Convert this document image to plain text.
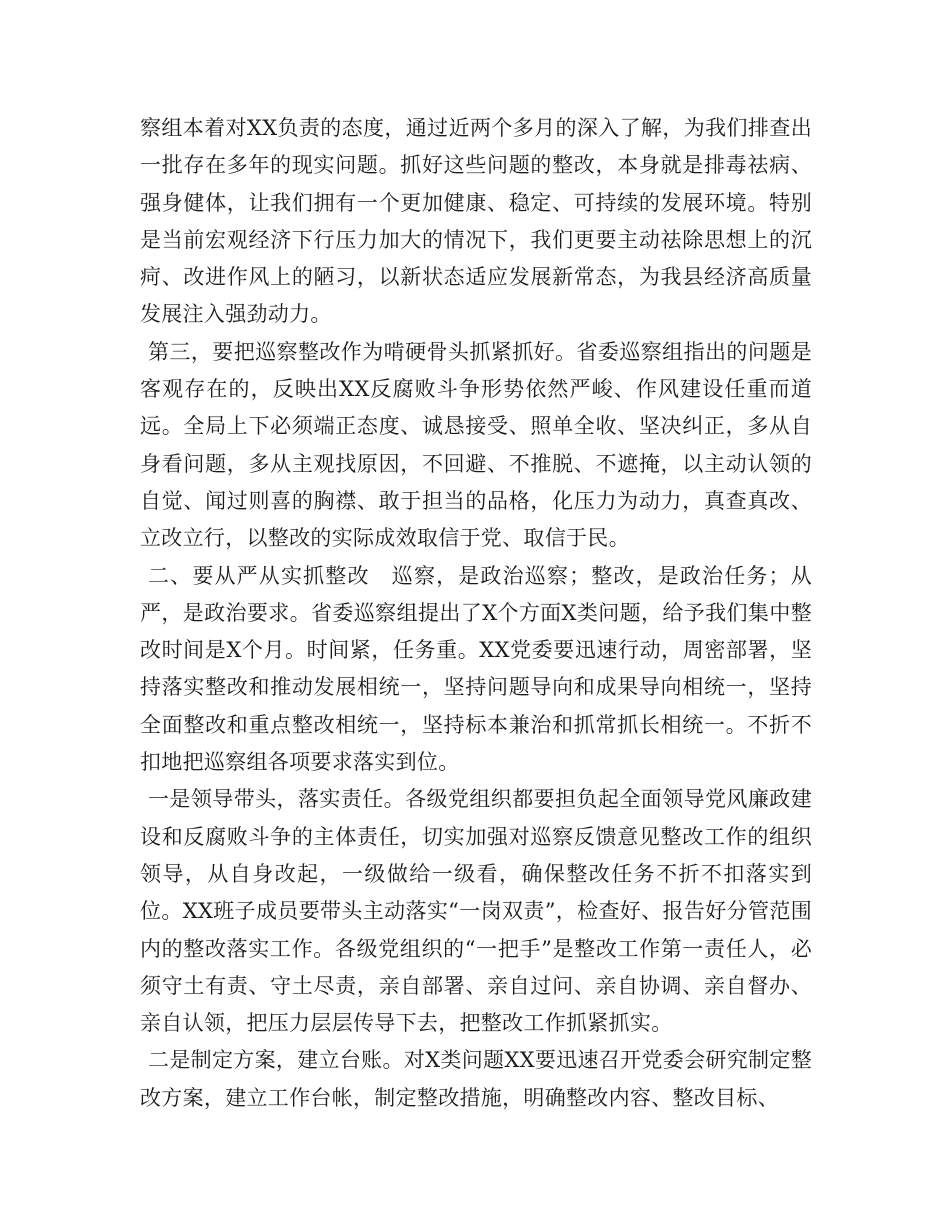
察组本着对XX负责的态度，通过近两个多月的深入了解，为我们排查出一批存在多年的现实问题。抓好这些问题的整改，本身就是排毒祛病、强身健体，让我们拥有一个更加健康、稳定、可持续的发展环境。特别是当前宏观经济下行压力加大的情况下，我们更要主动祛除思想上的沉疴、改进作风上的陋习，以新状态适应发展新常态，为我县经济高质量发展注入强劲动力。

第三，要把巡察整改作为啃硬骨头抓紧抓好。省委巡察组指出的问题是客观存在的，反映出XX反腐败斗争形势依然严峻、作风建设任重而道远。全局上下必须端正态度、诚恳接受、照单全收、坚决纠正，多从自身看问题，多从主观找原因，不回避、不推脱、不遮掩，以主动认领的自觉、闻过则喜的胸襟、敢于担当的品格，化压力为动力，真查真改、立改立行，以整改的实际成效取信于党、取信于民。

二、要从严从实抓整改　巡察，是政治巡察；整改，是政治任务；从严，是政治要求。省委巡察组提出了X个方面X类问题，给予我们集中整改时间是X个月。时间紧，任务重。XX党委要迅速行动，周密部署，坚持落实整改和推动发展相统一，坚持问题导向和成果导向相统一，坚持全面整改和重点整改相统一，坚持标本兼治和抓常抓长相统一。不折不扣地把巡察组各项要求落实到位。

一是领导带头，落实责任。各级党组织都要担负起全面领导党风廉政建设和反腐败斗争的主体责任，切实加强对巡察反馈意见整改工作的组织领导，从自身改起，一级做给一级看，确保整改任务不折不扣落实到位。XX班子成员要带头主动落实“一岗双责”，检查好、报告好分管范围内的整改落实工作。各级党组织的“一把手”是整改工作第一责任人，必须守土有责、守土尽责，亲自部署、亲自过问、亲自协调、亲自督办、亲自认领，把压力层层传导下去，把整改工作抓紧抓实。

二是制定方案，建立台账。对X类问题XX要迅速召开党委会研究制定整改方案，建立工作台帐，制定整改措施，明确整改内容、整改目标、
